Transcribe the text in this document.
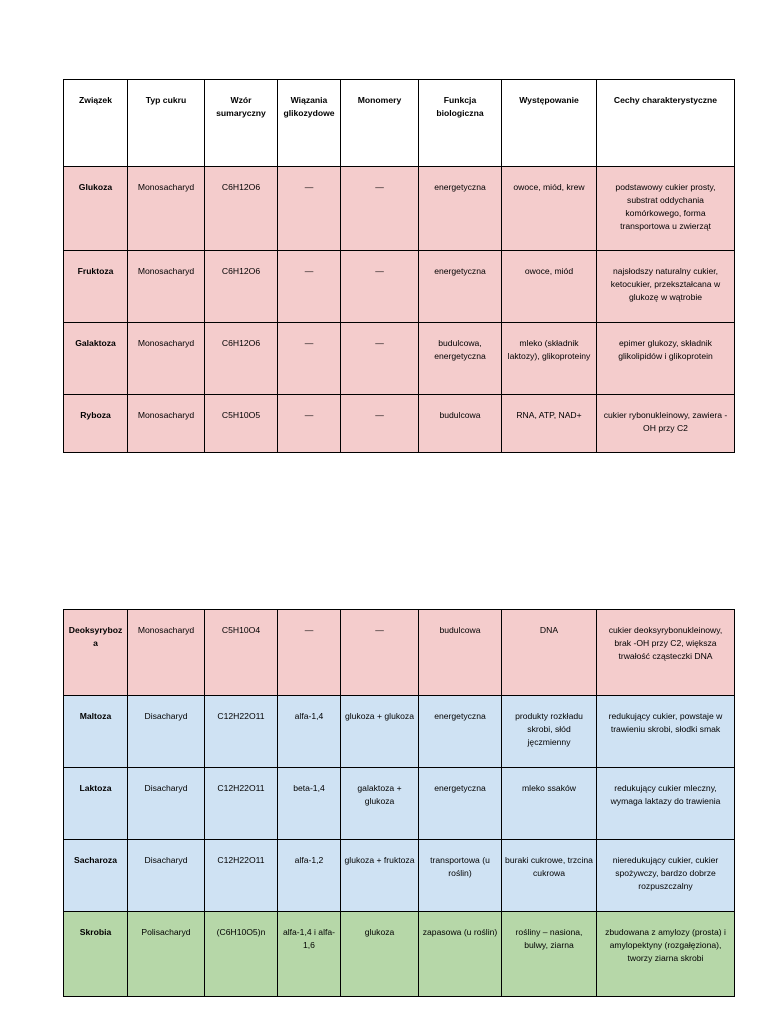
Związek	Typ cukru	Wzór sumaryczny	Wiązania glikozydowe	Monomery	Funkcja biologiczna	Występowanie	Cechy charakterystyczne
Glukoza	Monosacharyd	C6H12O6	—	—	energetyczna	owoce, miód, krew	podstawowy cukier prosty, substrat oddychania komórkowego, forma transportowa u zwierząt
Fruktoza	Monosacharyd	C6H12O6	—	—	energetyczna	owoce, miód	najsłodszy naturalny cukier, ketocukier, przekształcana w glukozę w wątrobie
Galaktoza	Monosacharyd	C6H12O6	—	—	budulcowa, energetyczna	mleko (składnik laktozy), glikoproteiny	epimer glukozy, składnik glikolipidów i glikoprotein
Ryboza	Monosacharyd	C5H10O5	—	—	budulcowa	RNA, ATP, NAD+	cukier rybonukleinowy, zawiera -OH przy C2
Deoksyryboza	Monosacharyd	C5H10O4	—	—	budulcowa	DNA	cukier deoksyrybonukleinowy, brak -OH przy C2, większa trwałość cząsteczki DNA
Maltoza	Disacharyd	C12H22O11	alfa-1,4	glukoza + glukoza	energetyczna	produkty rozkładu skrobi, słód jęczmienny	redukujący cukier, powstaje w trawieniu skrobi, słodki smak
Laktoza	Disacharyd	C12H22O11	beta-1,4	galaktoza + glukoza	energetyczna	mleko ssaków	redukujący cukier mleczny, wymaga laktazy do trawienia
Sacharoza	Disacharyd	C12H22O11	alfa-1,2	glukoza + fruktoza	transportowa (u roślin)	buraki cukrowe, trzcina cukrowa	nieredukujący cukier, cukier spożywczy, bardzo dobrze rozpuszczalny
Skrobia	Polisacharyd	(C6H10O5)n	alfa-1,4 i alfa-1,6	glukoza	zapasowa (u roślin)	rośliny – nasiona, bulwy, ziarna	zbudowana z amylozy (prosta) i amylopektyny (rozgałęziona), tworzy ziarna skrobi
